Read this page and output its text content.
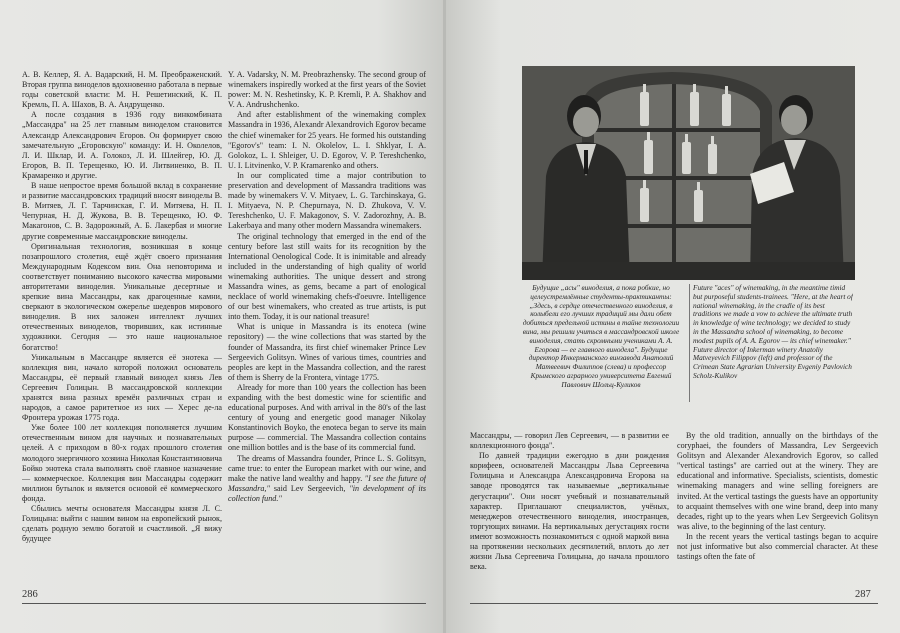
А. В. Келлер, Я. А. Вадарский, Н. М. Преображенский. Вторая группа виноделов вдохновенно работала в первые годы советской власти: М. Н. Решетинский, К. П. Кремль, П. А. Шахов, В. А. Андрущенко.

А после создания в 1936 году винкомбината „Массандра" на 25 лет главным виноделом становится Александр Александрович Егоров. Он формирует свою замечательную „Егоровскую" команду: И. Н. Околелов, Л. И. Шклар, И. А. Голокоз, Л. И. Шлейгер, Ю. Д. Егоров, В. П. Терещенко, Ю. И. Литвиненко, В. П. Крамаренко и другие.

В наше непростое время большой вклад в сохранение и развитие массандровских традиций вносят виноделы В. В. Митяев, Л. Г. Тарчинская, Г. И. Митяева, Н. П. Чепурная, Н. Д. Жукова, В. В. Терещенко, Ю. Ф. Макагонов, С. В. Задорожный, А. Б. Лакербая и многие другие современные массандровские виноделы.

Оригинальная технология, возникшая в конце позапрошлого столетия, ещё ждёт своего признания Международным Кодексом вин. Она неповторима и соответствует пониманию высокого качества мировыми авторитетами виноделия. Уникальные десертные и крепкие вина Массандры, как драгоценные камни, сверкают в экологическом ожерелье шедевров мирового виноделия. В них заложен интеллект лучших отечественных виноделов, творивших, как истинные художники. Сегодня — это наше национальное богатство!

Уникальным в Массандре является её энотека — коллекция вин, начало которой положил основатель Массандры, её первый главный винодел князь Лев Сергеевич Голицын. В массандровской коллекции хранятся вина разных времён различных стран и народов, а самое раритетное из них — Херес де-ла Фронтера урожая 1775 года.

Уже более 100 лет коллекция пополняется лучшим отечественным вином для научных и познавательных целей. А с приходом в 80-х годах прошлого столетия молодого энергичного хозяина Николая Константиновича Бойко энотека стала выполнять своё главное назначение — коммерческое. Коллекция вин Массандры содержит миллион бутылок и является основой её коммерческого фонда.

Сбылись мечты основателя Массандры князя Л. С. Голицына: выйти с нашим вином на европейский рынок, сделать родную землю богатой и счастливой. „Я вижу будущее

Y. A. Vadarsky, N. M. Preobrazhensky. The second group of winemakers inspiredly worked at the first years of the Soviet power: M. N. Reshetinsky, K. P. Kremli, P. A. Shakhov and V. A. Andrushchenko.

And after establishment of the winemaking complex Massandra in 1936, Alexandr Alexandrovich Egorov became the chief winemaker for 25 years. He formed his outstanding "Egorov's" team: I. N. Okolelov, L. I. Shklyar, I. A. Golokoz, L. I. Shleiger, U. D. Egorov, V. P. Tereshchenko, U. I. Litvinenko, V. P. Kramarenko and others.

In our complicated time a major contribution to preservation and development of Massandra traditions was made by winemakers V. V. Mityaev, L. G. Tarchinskaya, G. I. Mityaeva, N. P. Chepurnaya, N. D. Zhukova, V. V. Tereshchenko, U. F. Makagonov, S. V. Zadorozhny, A. B. Lakerbaya and many other modern Massandra winemakers.

The original technology that emerged in the end of the century before last still waits for its recognition by the International Oenological Code. It is inimitable and already included in the understanding of high quality of world winemaking authorities. The unique dessert and strong Massandra wines, as gems, became a part of enological necklace of world winemaking chefs-d'oeuvre. Intelligence of our best winemakers, who created as true artists, is put into them. Today, it is our national treasure!

What is unique in Massandra is its enoteca (wine repository) — the wine collections that was started by the founder of Massandra, its first chief winemaker Prince Lev Sergeevich Golitsyn. Wines of various times, countries and peoples are kept in the Massandra collection, and the rarest of them is Sherry de la Frontera, vintage 1775.

Already for more than 100 years the collection has been expanding with the best domestic wine for scientific and educational purposes. And with arrival in the 80's of the last century of young and energetic good manager Nikolay Konstantinovich Boyko, the enoteca began to serve its main purpose — commercial. The Massandra collection contains one million bottles and is the base of its commercial fund.

The dreams of Massandra founder, Prince L. S. Golitsyn, came true: to enter the European market with our wine, and make the native land wealthy and happy. "I see the future of Massandra," said Lev Sergeevich, "in development of its collection fund."

286
Будущие „асы" виноделия, а пока робкие, но целеустремлённые студенты-практиканты: „Здесь, в сердце отечественного виноделия, в колыбели его лучших традиций мы дали обет добиться предельной истины в тайне технологии вина, мы решили учиться в массандровской школе виноделия, стать скромными учениками А. А. Егорова — ее главного винодела". Будущие директор Инкерманского винзавода Анатолий Матвеевич Филиппов (слева) и профессор Крымского аграрного университета Евгений Павлович Шольц-Куликов
Future "aces" of winemaking, in the meantime timid but purposeful students-trainees. "Here, at the heart of national winemaking, in the cradle of its best traditions we made a vow to achieve the ultimate truth in knowledge of wine technology; we decided to study in the Massandra school of winemaking, to become modest pupils of A. A. Egorov — its chief winemaker." Future director of Inkerman winery Anatoliy Matveyevich Filippov (left) and professor of the Crimean State Agrarian University Evgeniy Pavlovich Scholz-Kulikov

Массандры, — говорил Лев Сергеевич, — в развитии ее коллекционного фонда".

По давней традиции ежегодно в дни рождения корифеев, основателей Массандры Льва Сергеевича Голицына и Александра Александровича Егорова на заводе проводятся так называемые „вертикальные дегустации". Они носят учебный и познавательный характер. Приглашают специалистов, учёных, менеджеров отечественного виноделия, иностранцев, торгующих винами. На вертикальных дегустациях гости имеют возможность познакомиться с одной маркой вина на протяжении нескольких десятилетий, вплоть до лет жизни Льва Сергеевича Голицына, до начала прошлого века.

By the old tradition, annually on the birthdays of the coryphaei, the founders of Massandra, Lev Sergeevich Golitsyn and Alexander Alexandrovich Egorov, so called "vertical tastings" are carried out at the winery. They are educational and informative. Specialists, scientists, domestic winemaking managers and wine selling foreigners are invited. At the vertical tastings the guests have an opportunity to acquaint themselves with one wine brand, deep into many decades, right up to the years when Lev Sergeevich Golitsyn was alive, to the beginning of the last century.

In the recent years the vertical tastings began to acquire not just informative but also commercial character. At these tastings often the fate of

287
